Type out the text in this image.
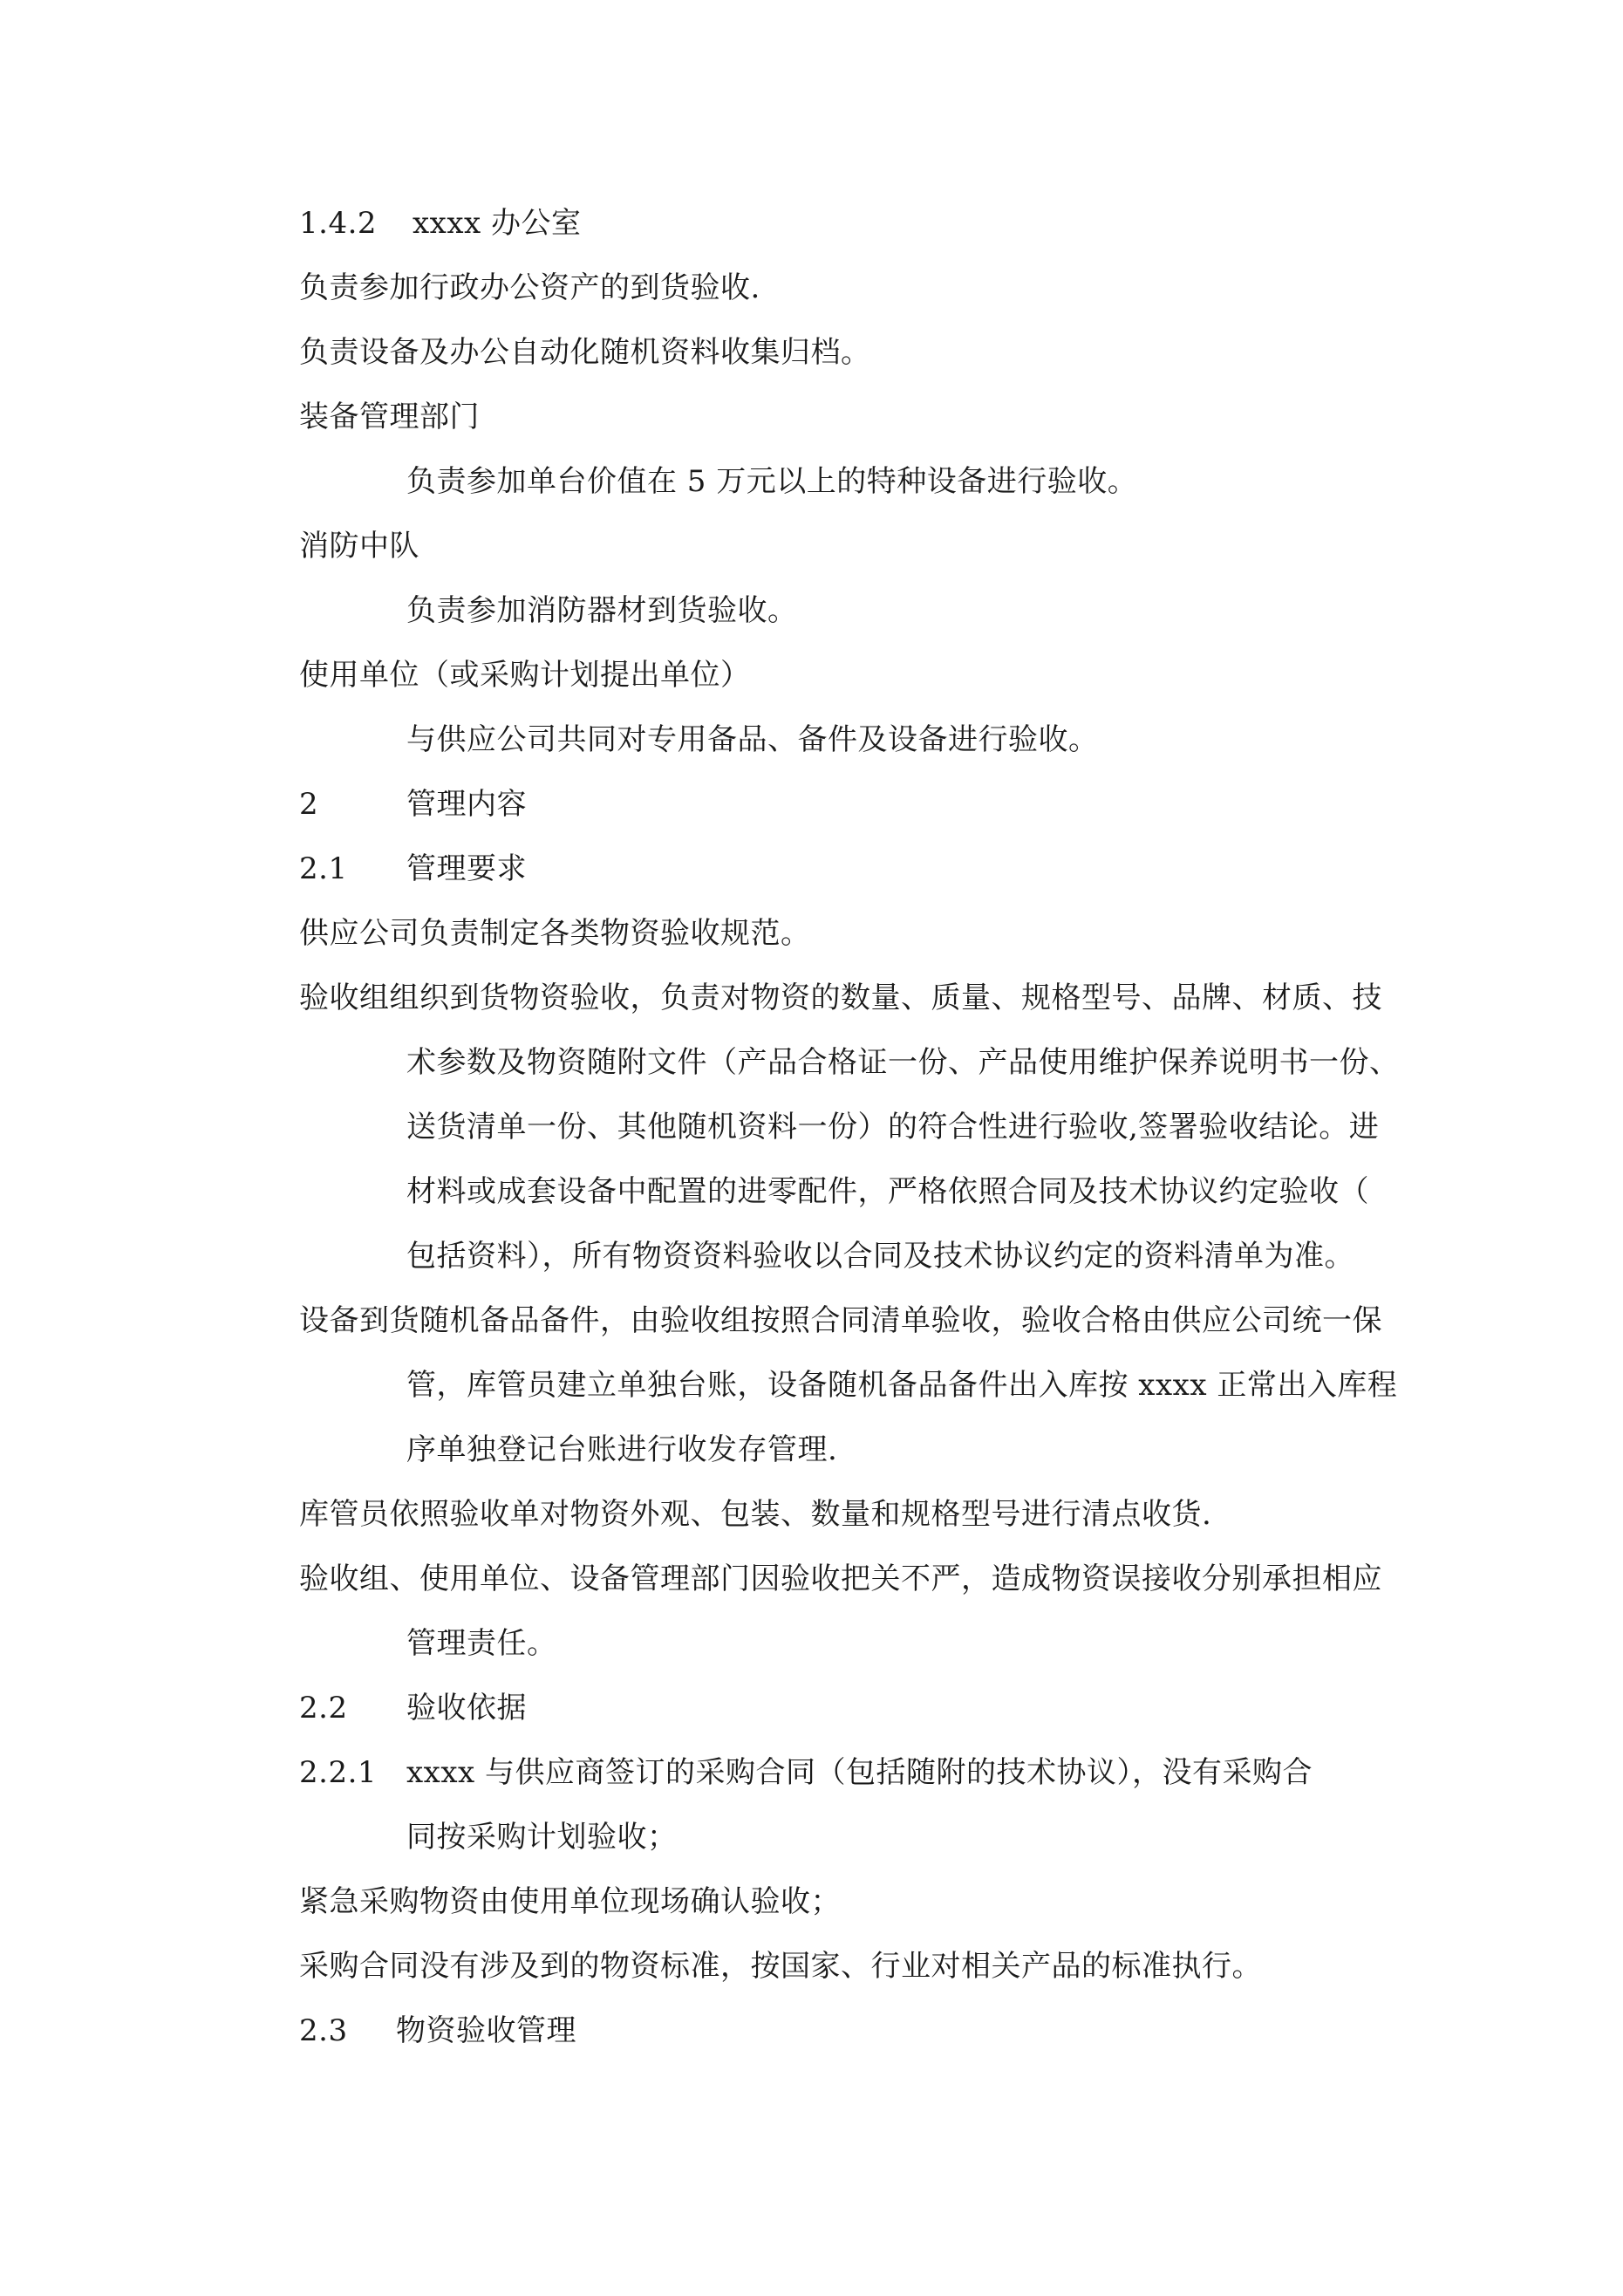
1.4.2 xxxx 办公室
负责参加行政办公资产的到货验收.
负责设备及办公自动化随机资料收集归档。
装备管理部门
负责参加单台价值在 5 万元以上的特种设备进行验收。
消防中队
负责参加消防器材到货验收。
使用单位（或采购计划提出单位）
与供应公司共同对专用备品、备件及设备进行验收。
2	管理内容
2.1 管理要求
供应公司负责制定各类物资验收规范。
验收组组织到货物资验收，负责对物资的数量、质量、规格型号、品牌、材质、技
术参数及物资随附文件（产品合格证一份、产品使用维护保养说明书一份、
送货清单一份、其他随机资料一份）的符合性进行验收,签署验收结论。进
材料或成套设备中配置的进零配件，严格依照合同及技术协议约定验收（
包括资料），所有物资资料验收以合同及技术协议约定的资料清单为准。
设备到货随机备品备件，由验收组按照合同清单验收，验收合格由供应公司统一保
管，库管员建立单独台账，设备随机备品备件出入库按 xxxx 正常出入库程
序单独登记台账进行收发存管理.
库管员依照验收单对物资外观、包装、数量和规格型号进行清点收货.
验收组、使用单位、设备管理部门因验收把关不严，造成物资误接收分别承担相应
管理责任。
2.2 验收依据
2.2.1 xxxx 与供应商签订的采购合同（包括随附的技术协议），没有采购合
同按采购计划验收；
紧急采购物资由使用单位现场确认验收；
采购合同没有涉及到的物资标准，按国家、行业对相关产品的标准执行。
2.3 物资验收管理
